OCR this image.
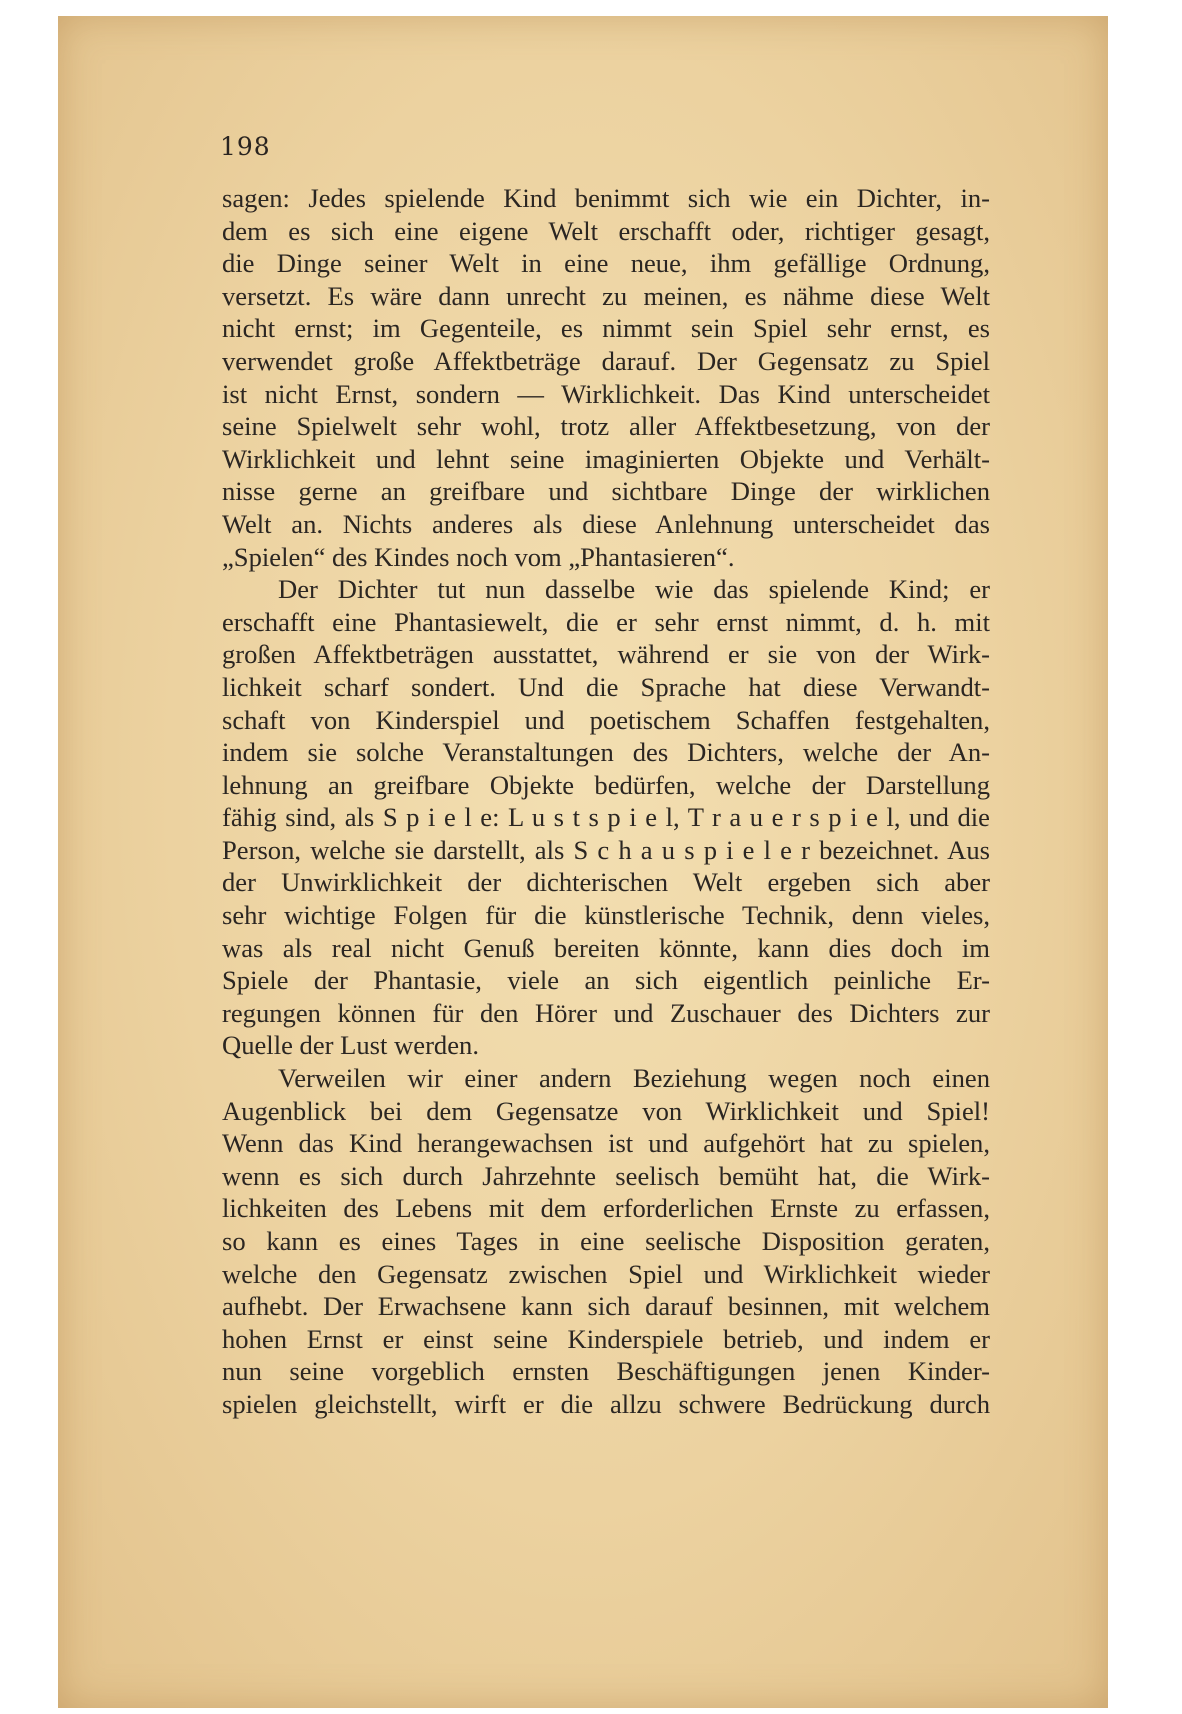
198
sagen: Jedes spielende Kind benimmt sich wie ein Dichter, in-
dem es sich eine eigene Welt erschafft oder, richtiger gesagt,
die Dinge seiner Welt in eine neue, ihm gefällige Ordnung,
versetzt. Es wäre dann unrecht zu meinen, es nähme diese Welt
nicht ernst; im Gegenteile, es nimmt sein Spiel sehr ernst, es
verwendet große Affektbeträge darauf. Der Gegensatz zu Spiel
ist nicht Ernst, sondern — Wirklichkeit. Das Kind unterscheidet
seine Spielwelt sehr wohl, trotz aller Affektbesetzung, von der
Wirklichkeit und lehnt seine imaginierten Objekte und Verhält-
nisse gerne an greifbare und sichtbare Dinge der wirklichen
Welt an. Nichts anderes als diese Anlehnung unterscheidet das
„Spielen“ des Kindes noch vom „Phantasieren“.
Der Dichter tut nun dasselbe wie das spielende Kind; er
erschafft eine Phantasiewelt, die er sehr ernst nimmt, d. h. mit
großen Affektbeträgen ausstattet, während er sie von der Wirk-
lichkeit scharf sondert. Und die Sprache hat diese Verwandt-
schaft von Kinderspiel und poetischem Schaffen festgehalten,
indem sie solche Veranstaltungen des Dichters, welche der An-
lehnung an greifbare Objekte bedürfen, welche der Darstellung
fähig sind, als S p i e l e: L u s t s p i e l, T r a u e r s p i e l, und die
Person, welche sie darstellt, als S c h a u s p i e l e r bezeichnet. Aus
der Unwirklichkeit der dichterischen Welt ergeben sich aber
sehr wichtige Folgen für die künstlerische Technik, denn vieles,
was als real nicht Genuß bereiten könnte, kann dies doch im
Spiele der Phantasie, viele an sich eigentlich peinliche Er-
regungen können für den Hörer und Zuschauer des Dichters zur
Quelle der Lust werden.
Verweilen wir einer andern Beziehung wegen noch einen
Augenblick bei dem Gegensatze von Wirklichkeit und Spiel!
Wenn das Kind herangewachsen ist und aufgehört hat zu spielen,
wenn es sich durch Jahrzehnte seelisch bemüht hat, die Wirk-
lichkeiten des Lebens mit dem erforderlichen Ernste zu erfassen,
so kann es eines Tages in eine seelische Disposition geraten,
welche den Gegensatz zwischen Spiel und Wirklichkeit wieder
aufhebt. Der Erwachsene kann sich darauf besinnen, mit welchem
hohen Ernst er einst seine Kinderspiele betrieb, und indem er
nun seine vorgeblich ernsten Beschäftigungen jenen Kinder-
spielen gleichstellt, wirft er die allzu schwere Bedrückung durch
